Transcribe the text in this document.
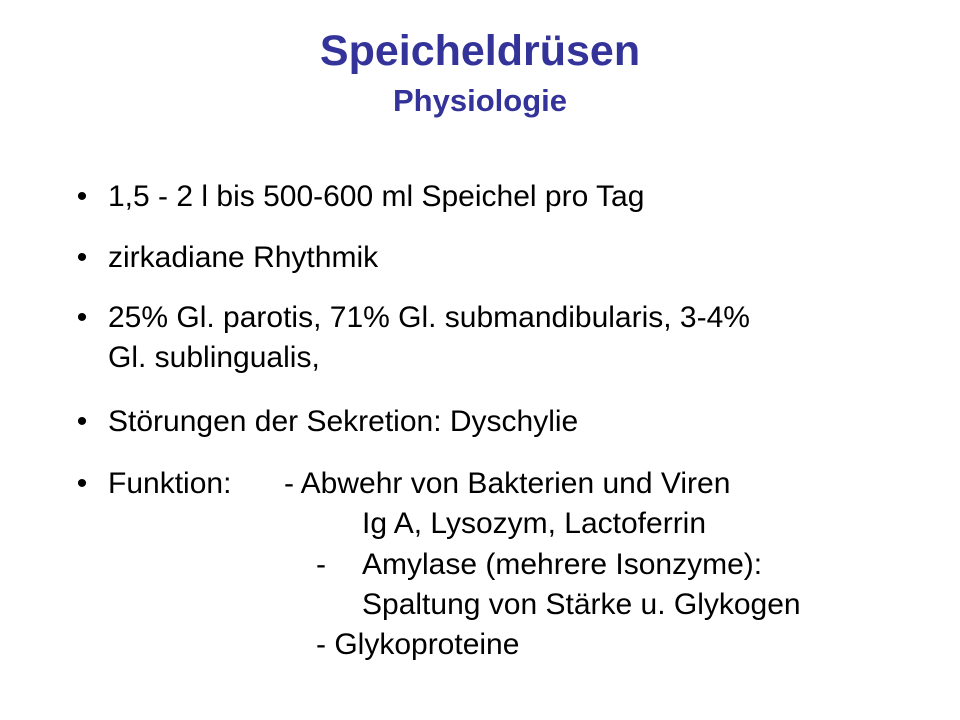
Speicheldrüsen
Physiologie
• 1,5 - 2 l bis 500-600 ml Speichel pro Tag
• zirkadiane Rhythmik
• 25% Gl. parotis, 71% Gl. submandibularis, 3-4%
Gl. sublingualis,
• Störungen der Sekretion: Dyschylie
• Funktion: - Abwehr von Bakterien und Viren
Ig A, Lysozym, Lactoferrin
- Amylase (mehrere Isonzyme):
Spaltung von Stärke u. Glykogen
- Glykoproteine
